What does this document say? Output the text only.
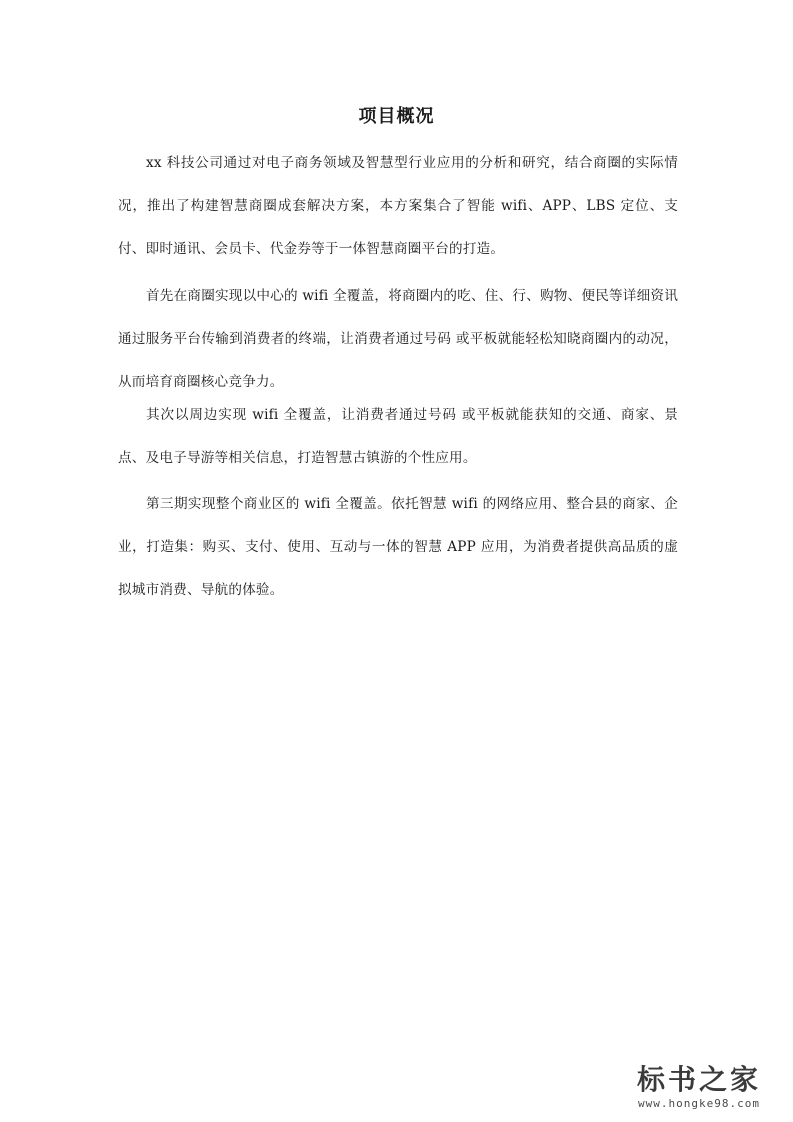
项目概况
xx 科技公司通过对电子商务领域及智慧型行业应用的分析和研究，结合商圈的实际情况，推出了构建智慧商圈成套解决方案，本方案集合了智能 wifi、APP、LBS 定位、支付、即时通讯、会员卡、代金券等于一体智慧商圈平台的打造。
首先在商圈实现以中心的 wifi 全覆盖，将商圈内的吃、住、行、购物、便民等详细资讯通过服务平台传输到消费者的终端，让消费者通过号码 或平板就能轻松知晓商圈内的动况，从而培育商圈核心竞争力。
其次以周边实现 wifi 全覆盖，让消费者通过号码 或平板就能获知的交通、商家、景点、及电子导游等相关信息，打造智慧古镇游的个性应用。
第三期实现整个商业区的 wifi 全覆盖。依托智慧 wifi 的网络应用、整合县的商家、企业，打造集：购买、支付、使用、互动与一体的智慧 APP 应用，为消费者提供高品质的虚拟城市消费、导航的体验。
标书之家
www.hongke98.com
